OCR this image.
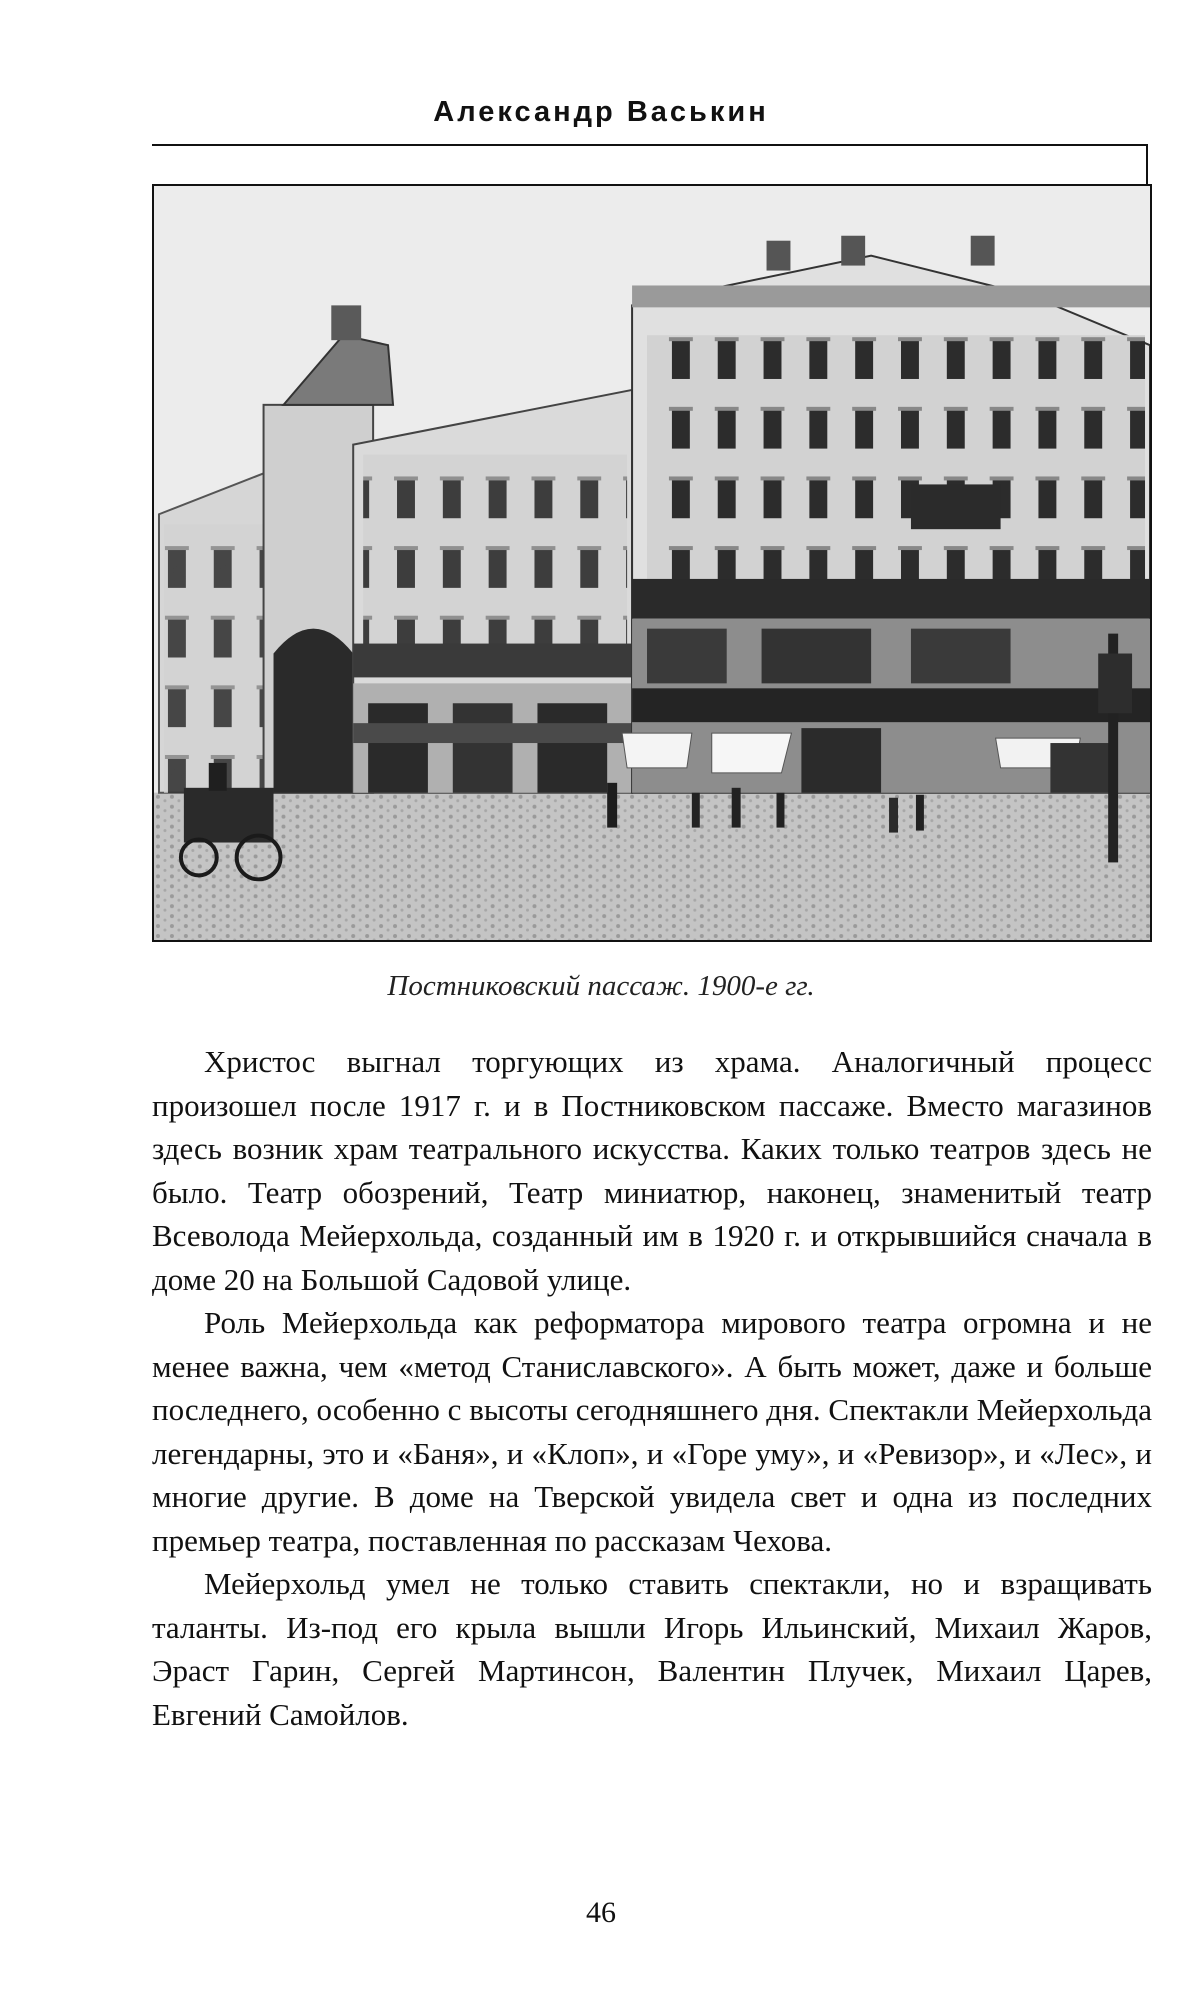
Александр Васькин
Постниковский пассаж. 1900-е гг.

Христос выгнал торгующих из храма. Аналогичный процесс произошел после 1917 г. и в Постниковском пассаже. Вместо магазинов здесь возник храм театрального искусства. Каких только театров здесь не было. Театр обозрений, Театр миниатюр, наконец, знаменитый театр Всеволода Мейерхольда, созданный им в 1920 г. и открывшийся сначала в доме 20 на Большой Садовой улице.

Роль Мейерхольда как реформатора мирового театра огромна и не менее важна, чем «метод Станиславского». А быть может, даже и больше последнего, особенно с высоты сегодняшнего дня. Спектакли Мейерхольда легендарны, это и «Баня», и «Клоп», и «Горе уму», и «Ревизор», и «Лес», и многие другие. В доме на Тверской увидела свет и одна из последних премьер театра, поставленная по рассказам Чехова.

Мейерхольд умел не только ставить спектакли, но и взращивать таланты. Из-под его крыла вышли Игорь Ильинский, Михаил Жаров, Эраст Гарин, Сергей Мартинсон, Валентин Плучек, Михаил Царев, Евгений Самойлов.

46
